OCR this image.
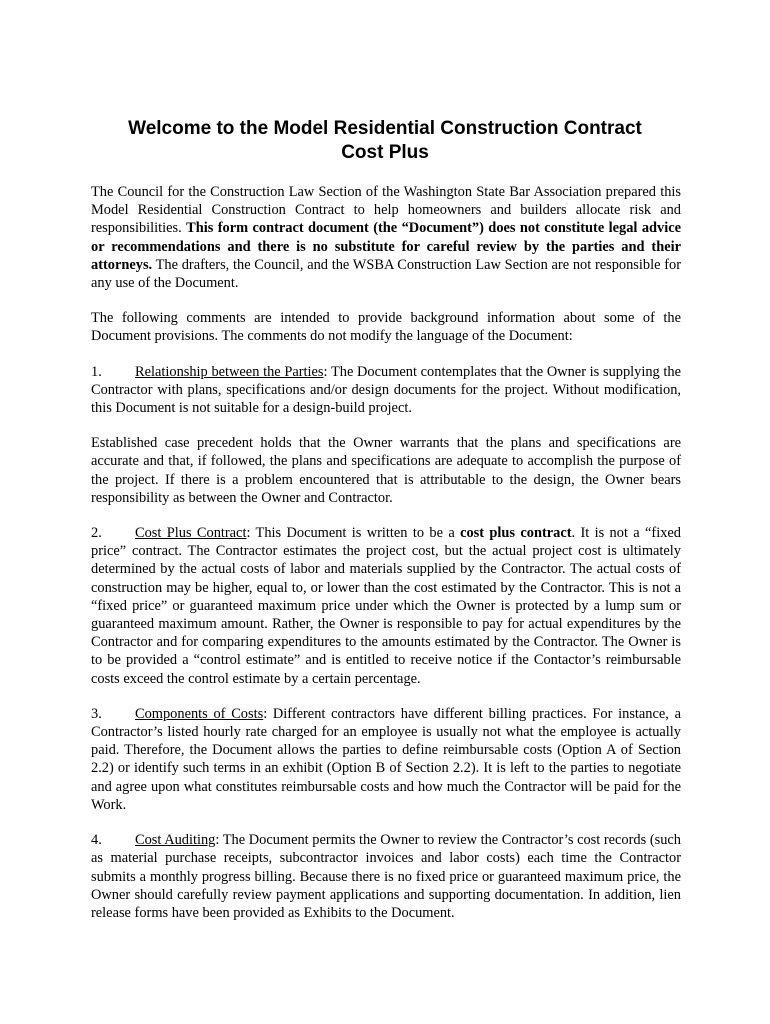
Welcome to the Model Residential Construction Contract
Cost Plus

The Council for the Construction Law Section of the Washington State Bar Association prepared this Model Residential Construction Contract to help homeowners and builders allocate risk and responsibilities. This form contract document (the “Document”) does not constitute legal advice or recommendations and there is no substitute for careful review by the parties and their attorneys. The drafters, the Council, and the WSBA Construction Law Section are not responsible for any use of the Document.

The following comments are intended to provide background information about some of the Document provisions. The comments do not modify the language of the Document:

1. Relationship between the Parties: The Document contemplates that the Owner is supplying the Contractor with plans, specifications and/or design documents for the project. Without modification, this Document is not suitable for a design-build project.

Established case precedent holds that the Owner warrants that the plans and specifications are accurate and that, if followed, the plans and specifications are adequate to accomplish the purpose of the project. If there is a problem encountered that is attributable to the design, the Owner bears responsibility as between the Owner and Contractor.

2. Cost Plus Contract: This Document is written to be a cost plus contract. It is not a “fixed price” contract. The Contractor estimates the project cost, but the actual project cost is ultimately determined by the actual costs of labor and materials supplied by the Contractor. The actual costs of construction may be higher, equal to, or lower than the cost estimated by the Contractor. This is not a “fixed price” or guaranteed maximum price under which the Owner is protected by a lump sum or guaranteed maximum amount. Rather, the Owner is responsible to pay for actual expenditures by the Contractor and for comparing expenditures to the amounts estimated by the Contractor. The Owner is to be provided a “control estimate” and is entitled to receive notice if the Contactor’s reimbursable costs exceed the control estimate by a certain percentage.

3. Components of Costs: Different contractors have different billing practices. For instance, a Contractor’s listed hourly rate charged for an employee is usually not what the employee is actually paid. Therefore, the Document allows the parties to define reimbursable costs (Option A of Section 2.2) or identify such terms in an exhibit (Option B of Section 2.2). It is left to the parties to negotiate and agree upon what constitutes reimbursable costs and how much the Contractor will be paid for the Work.

4. Cost Auditing: The Document permits the Owner to review the Contractor’s cost records (such as material purchase receipts, subcontractor invoices and labor costs) each time the Contractor submits a monthly progress billing. Because there is no fixed price or guaranteed maximum price, the Owner should carefully review payment applications and supporting documentation. In addition, lien release forms have been provided as Exhibits to the Document.
